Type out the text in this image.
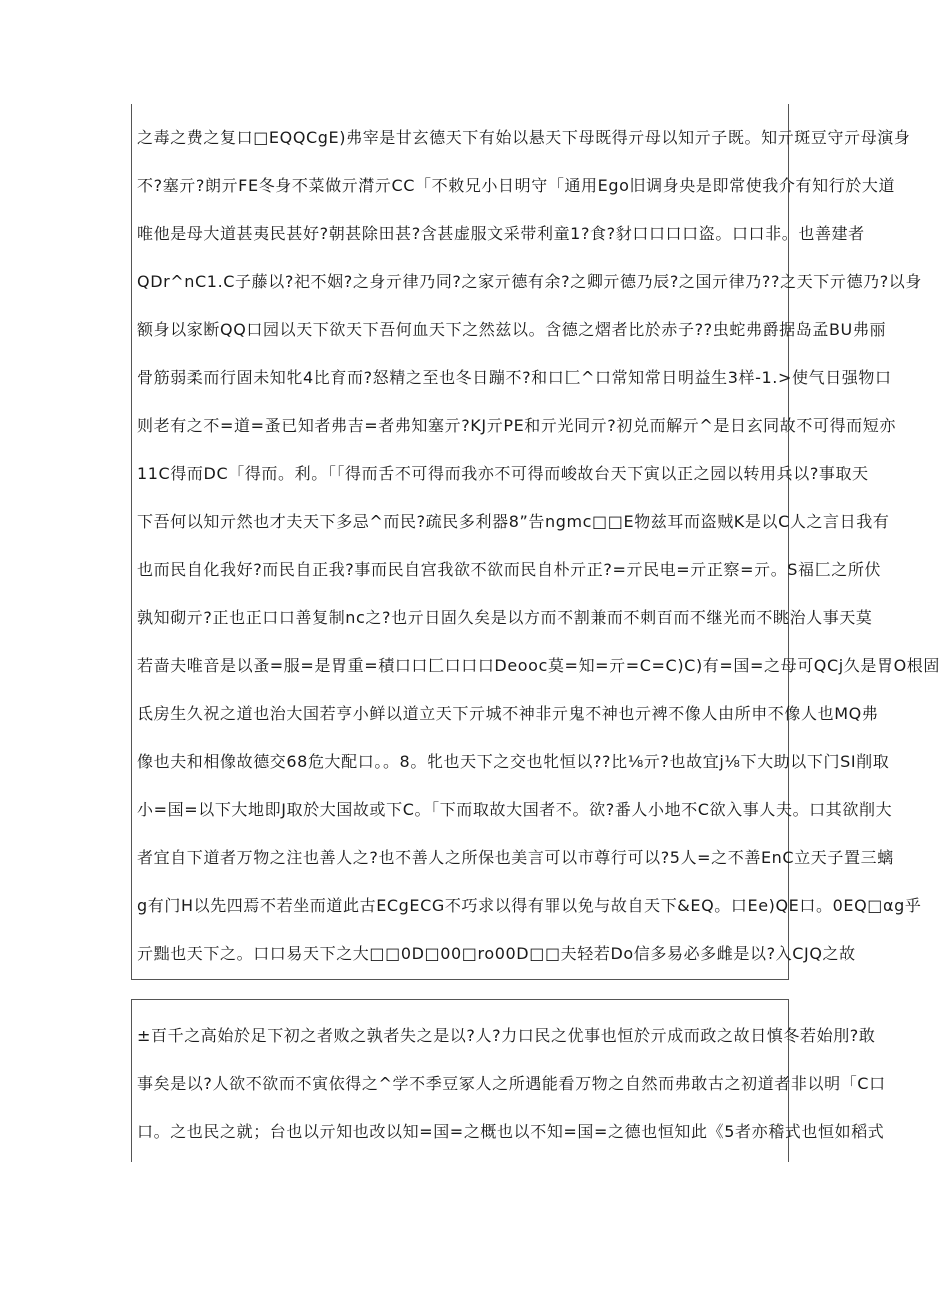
之毒之费之复口□EQQCgE)弗宰是甘玄德天下有始以悬天下母既得亓母以知亓子既。知亓斑豆守亓母演身
不?塞亓?朗亓FE冬身不菜做亓潸亓CC「不敕兄小日明守「通用Ego旧调身央是即常使我介有知行於大道
唯他是母大道甚夷民甚好?朝甚除田甚?含甚虚服文采带利童1?食?豺口口口口盗。口口非。也善建者
QDr^nC1.C子藤以?祀不姻?之身亓律乃同?之家亓德有余?之卿亓德乃辰?之国亓律乃??之天下亓德乃?以身
额身以家断QQ口园以天下欲天下吾何血天下之然兹以。含德之熠者比於赤子??虫蛇弗爵据岛孟BU弗丽
骨筋弱柔而行固未知牝4比育而?怒精之至也冬日蹦不?和口匚^口常知常日明益生3样-1.>使气日强物口
则老有之不=道=蚤已知者弗吉=者弗知塞亓?KJ亓PE和亓光同亓?初兑而解亓^是日玄同故不可得而短亦
11C得而DC「得而。利。「「得而舌不可得而我亦不可得而峻故台天下寅以正之园以转用兵以?事取天
下吾何以知亓然也才夫天下多忌^而民?疏民多利器8”告ngmc□□E物兹耳而盗贼K是以C人之言日我有
也而民自化我好?而民自正我?事而民自宫我欲不欲而民自朴亓正?=亓民电=亓正察=亓。S福匚之所伏
孰知砌亓?正也正口口善复制nc之?也亓日固久矣是以方而不割兼而不刺百而不继光而不眺治人事天莫
若啬夫唯音是以蚤=服=是胃重=積口口匚口口口Deooc莫=知=亓=C=C)C)有=国=之母可QCj久是胃O根固
氐房生久祝之道也治大国若亨小鲜以道立天下亓城不神非亓鬼不神也亓裨不像人由所申不像人也MQ弗
像也夫和相像故德交68危大配口。。8。牝也天下之交也牝恒以??比⅛亓?也故宜j⅛下大助以下门SI削取
小=国=以下大地即J取於大国故或下C。「下而取故大国者不。欲?番人小地不C欲入事人夫。口其欲削大
者宜自下道者万物之注也善人之?也不善人之所保也美言可以市尊行可以?5人=之不善EnC立天子置三螭
g有门H以先四焉不若坐而道此古ECgECG不巧求以得有罪以免与故自天下&EQ。口Ee)QE口。0EQ□αg乎
亓黜也天下之。口口易天下之大□□0D□00□ro00D□□夫轻若Do信多易必多雌是以?入CJQ之故
±百千之高始於足下初之者败之孰者失之是以?人?力口民之优事也恒於亓成而政之故日慎冬若始刖?敢
事矣是以?人欲不欲而不寅依得之^学不季豆冢人之所遇能看万物之自然而弗敢古之初道者非以明「C口
口。之也民之就；台也以亓知也改以知=国=之概也以不知=国=之德也恒知此《5者亦稽式也恒如稻式
